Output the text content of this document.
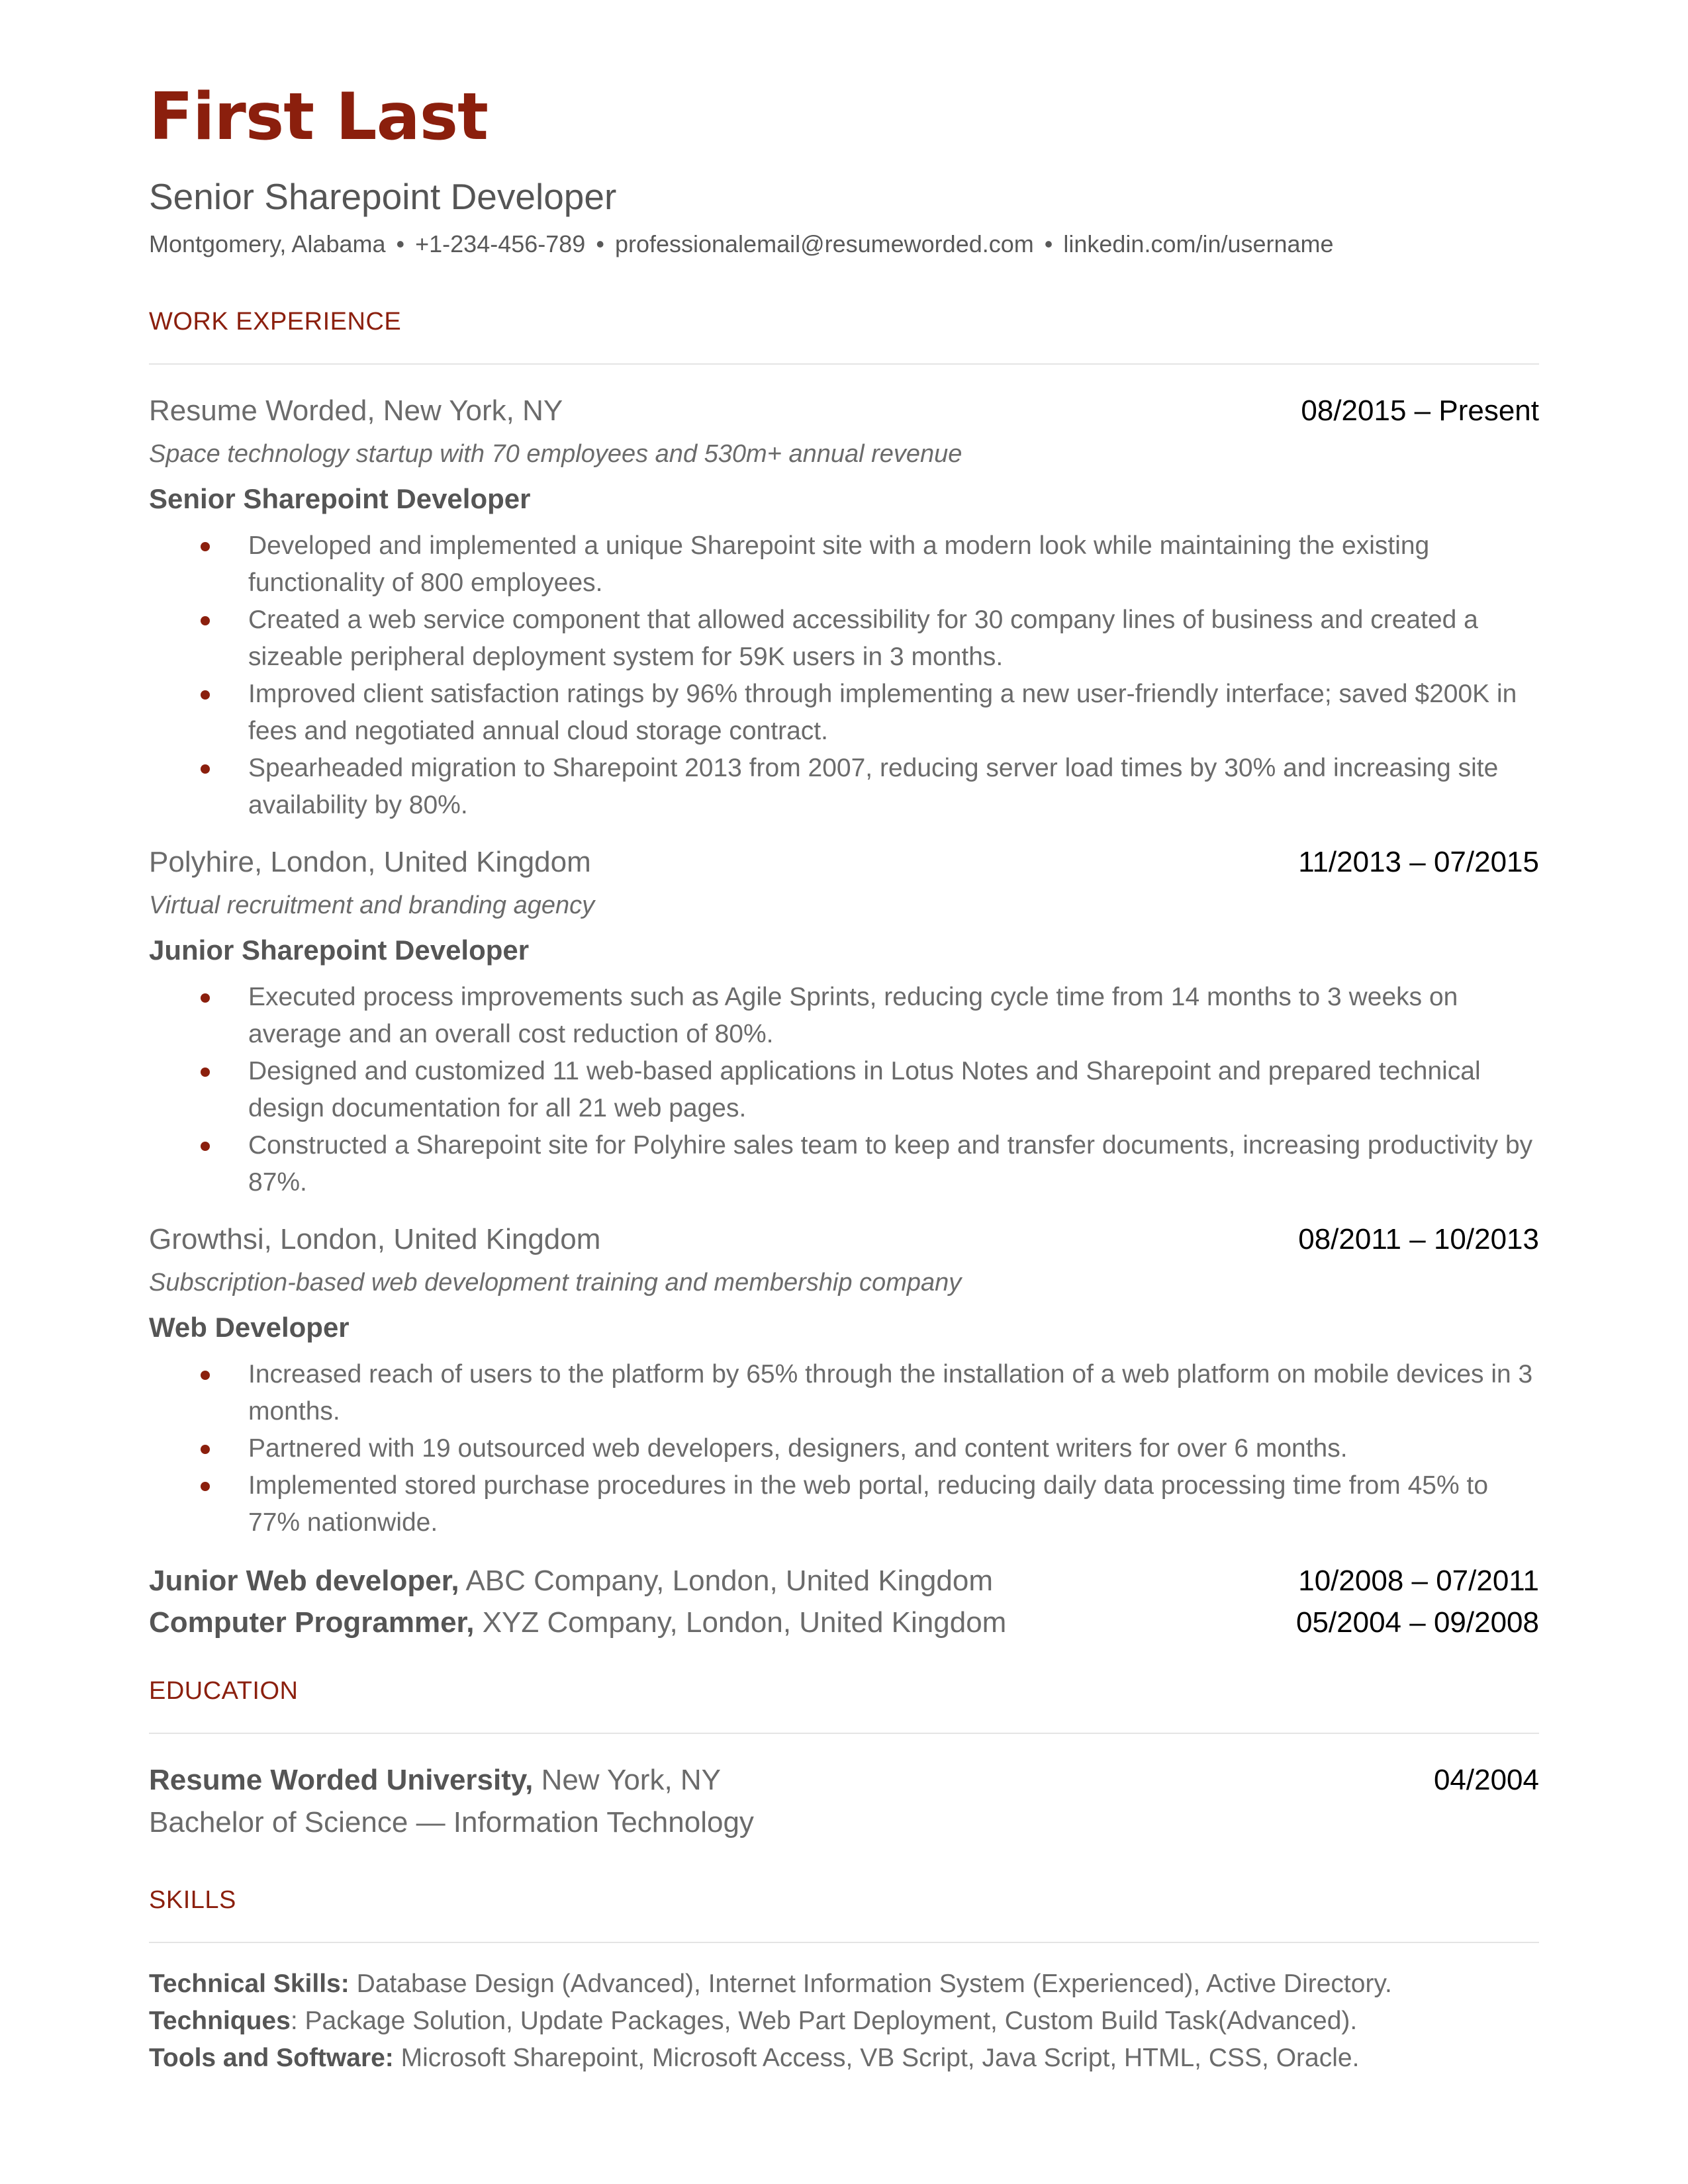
First Last
Senior Sharepoint Developer
Montgomery, Alabama • +1-234-456-789 • professionalemail@resumeworded.com • linkedin.com/in/username
WORK EXPERIENCE
Resume Worded, New York, NY	08/2015 – Present
Space technology startup with 70 employees and 530m+ annual revenue
Senior Sharepoint Developer
Developed and implemented a unique Sharepoint site with a modern look while maintaining the existing functionality of 800 employees.
Created a web service component that allowed accessibility for 30 company lines of business and created a sizeable peripheral deployment system for 59K users in 3 months.
Improved client satisfaction ratings by 96% through implementing a new user-friendly interface; saved $200K in fees and negotiated annual cloud storage contract.
Spearheaded migration to Sharepoint 2013 from 2007, reducing server load times by 30% and increasing site availability by 80%.
Polyhire, London, United Kingdom	11/2013 – 07/2015
Virtual recruitment and branding agency
Junior Sharepoint Developer
Executed process improvements such as Agile Sprints, reducing cycle time from 14 months to 3 weeks on average and an overall cost reduction of 80%.
Designed and customized 11 web-based applications in Lotus Notes and Sharepoint and prepared technical design documentation for all 21 web pages.
Constructed a Sharepoint site for Polyhire sales team to keep and transfer documents, increasing productivity by 87%.
Growthsi, London, United Kingdom	08/2011 – 10/2013
Subscription-based web development training and membership company
Web Developer
Increased reach of users to the platform by 65% through the installation of a web platform on mobile devices in 3 months.
Partnered with 19 outsourced web developers, designers, and content writers for over 6 months.
Implemented stored purchase procedures in the web portal, reducing daily data processing time from 45% to 77% nationwide.
Junior Web developer, ABC Company, London, United Kingdom	10/2008 – 07/2011
Computer Programmer, XYZ Company, London, United Kingdom	05/2004 – 09/2008
EDUCATION
Resume Worded University, New York, NY	04/2004
Bachelor of Science — Information Technology
SKILLS
Technical Skills: Database Design (Advanced), Internet Information System (Experienced), Active Directory.
Techniques: Package Solution, Update Packages, Web Part Deployment, Custom Build Task(Advanced).
Tools and Software: Microsoft Sharepoint, Microsoft Access, VB Script, Java Script, HTML, CSS, Oracle.
